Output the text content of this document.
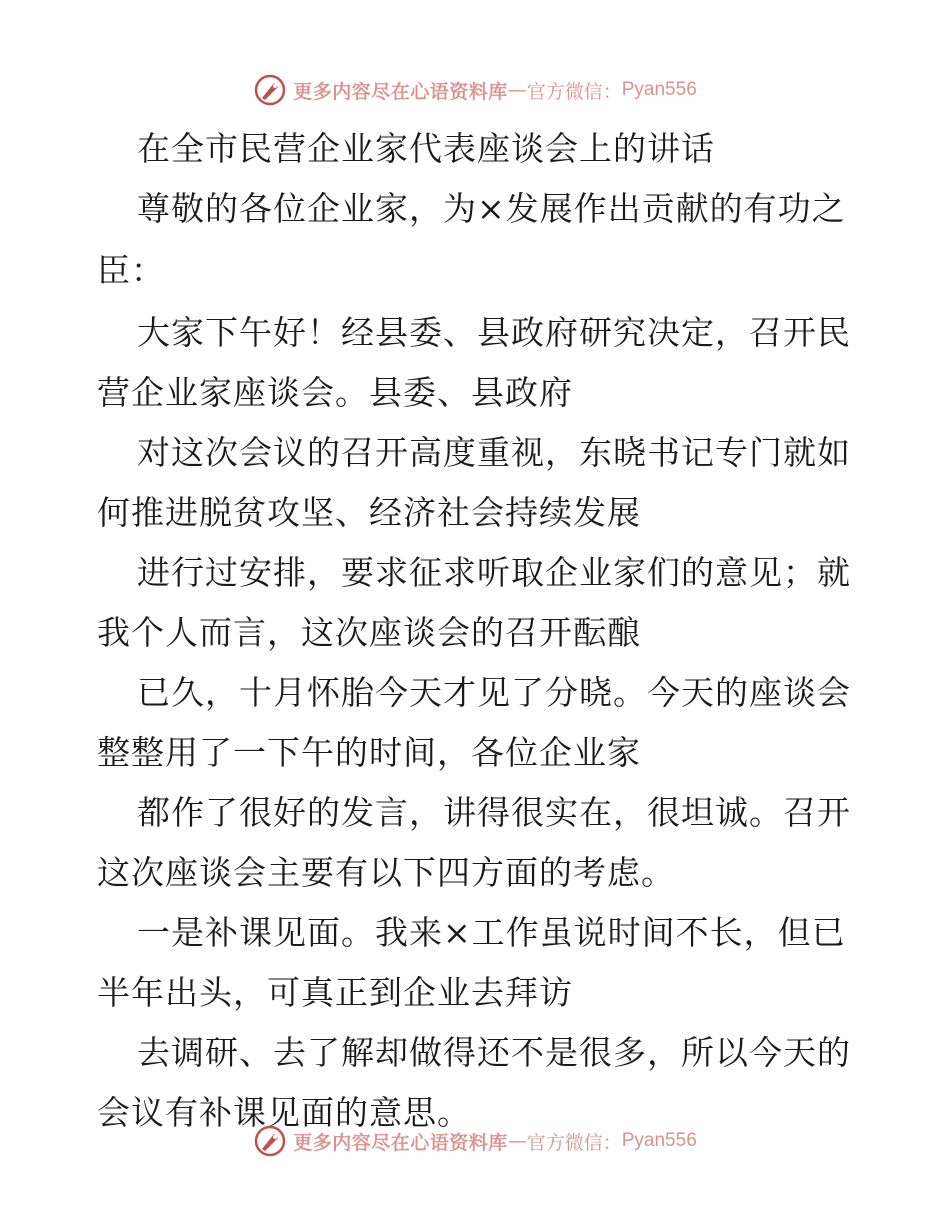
更多内容尽在心语资料库 — 官方微信： Pyan556
在全市民营企业家代表座谈会上的讲话
尊敬的各位企业家，为×发展作出贡献的有功之
臣：
大家下午好！经县委、县政府研究决定，召开民
营企业家座谈会。县委、县政府
对这次会议的召开高度重视，东晓书记专门就如
何推进脱贫攻坚、经济社会持续发展
进行过安排，要求征求听取企业家们的意见；就
我个人而言，这次座谈会的召开酝酿
已久，十月怀胎今天才见了分晓。今天的座谈会
整整用了一下午的时间，各位企业家
都作了很好的发言，讲得很实在，很坦诚。召开
这次座谈会主要有以下四方面的考虑。
一是补课见面。我来×工作虽说时间不长，但已
半年出头，可真正到企业去拜访
去调研、去了解却做得还不是很多，所以今天的
会议有补课见面的意思。
更多内容尽在心语资料库 — 官方微信： Pyan556
